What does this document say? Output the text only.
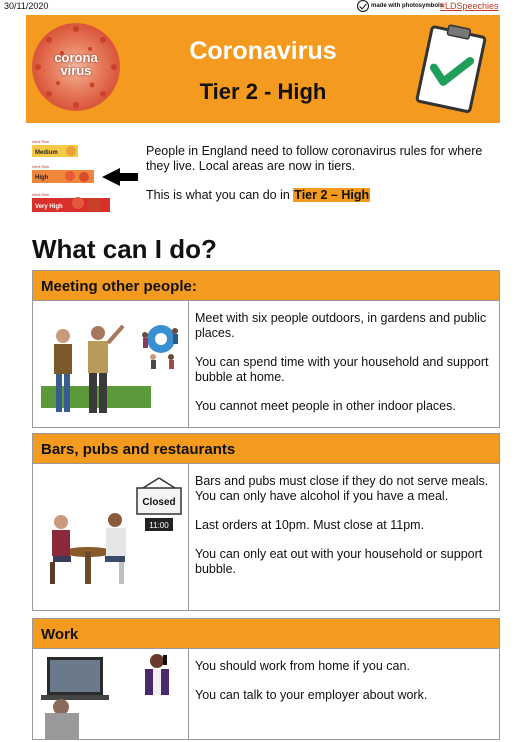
30/11/2020	made with photosymbols
#LDSpeechies
corona
virus
Coronavirus
Tier 2 - High
Alert Risk
Medium
Alert Risk
High
Alert Risk
Very High

People in England need to follow coronavirus rules for where they live. Local areas are now in tiers.

This is what you can do in Tier 2 – High

What can I do?
Meeting other people:

Meet with six people outdoors, in gardens and public places.

You can spend time with your household and support bubble at home.

You cannot meet people in other indoor places.

Bars, pubs and restaurants
Closed
11:00

Bars and pubs must close if they do not serve meals. You can only have alcohol if you have a meal.

Last orders at 10pm. Must close at 11pm.

You can only eat out with your household or support bubble.

Work

You should work from home if you can.

You can talk to your employer about work.
